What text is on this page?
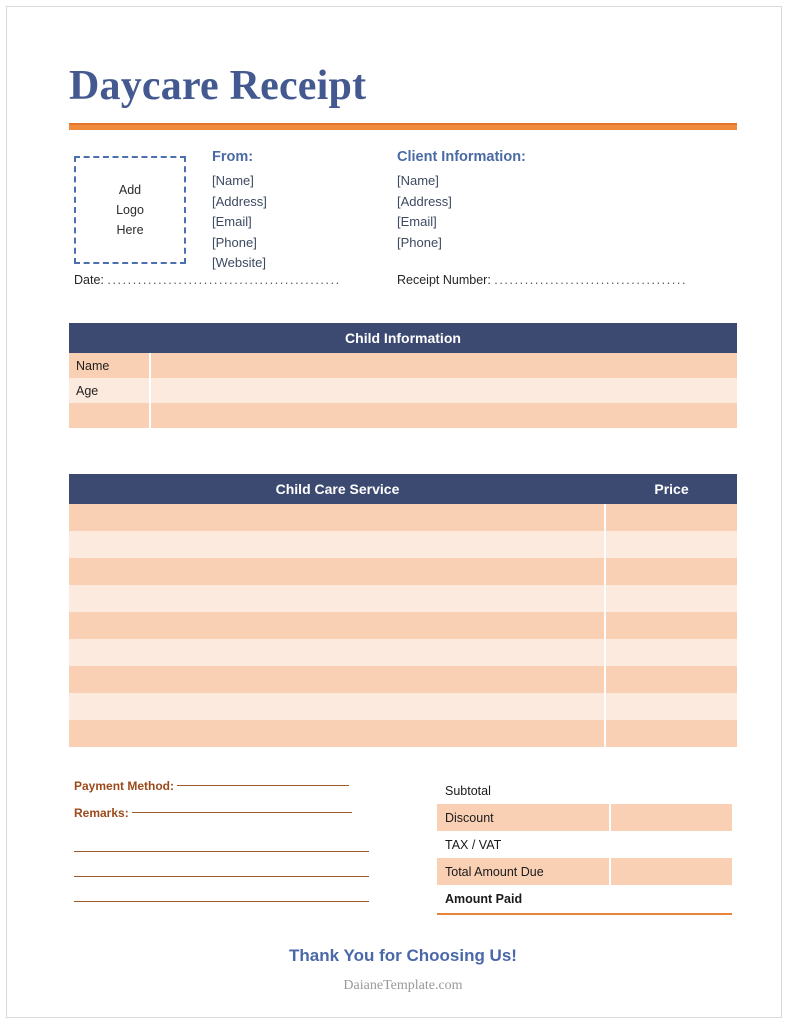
Daycare Receipt
Add
Logo
Here
From:
[Name]
[Address]
[Email]
[Phone]
[Website]
Client Information:
[Name]
[Address]
[Email]
[Phone]
Date: ..............................................	Receipt Number: ......................................
Child Information
Name
Age
Child Care Service	Price
Payment Method:
Remarks:
Subtotal
Discount
TAX / VAT
Total Amount Due
Amount Paid
Thank You for Choosing Us!
DaianeTemplate.com
